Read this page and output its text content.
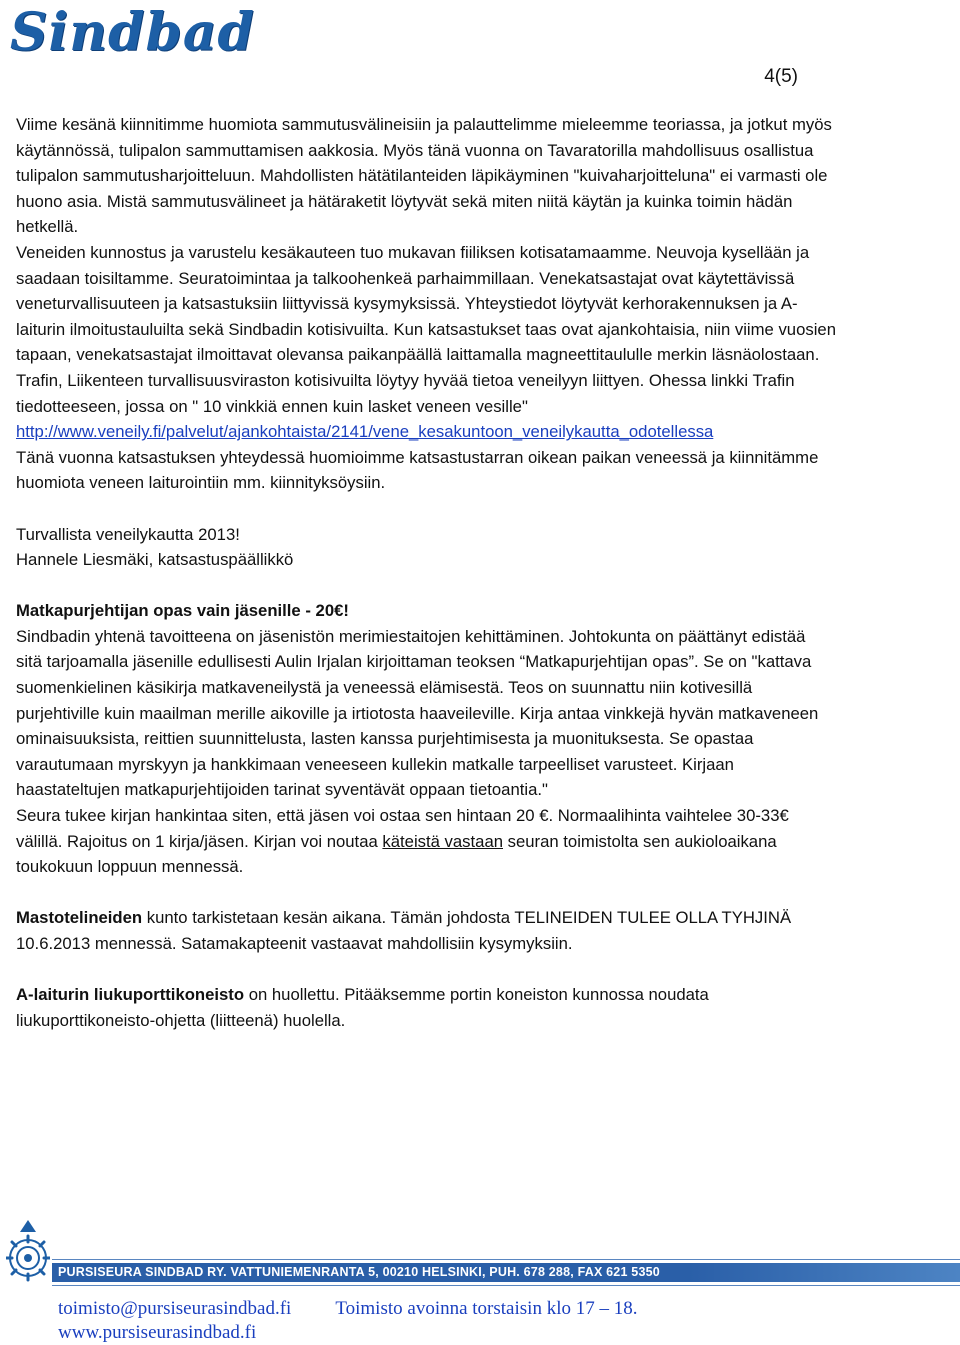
Sindbad
4(5)

Viime kesänä kiinnitimme huomiota sammutusvälineisiin ja palauttelimme mieleemme teoriassa, ja jotkut myös käytännössä, tulipalon sammuttamisen aakkosia. Myös tänä vuonna on Tavaratorilla mahdollisuus osallistua tulipalon sammutusharjoitteluun. Mahdollisten hätätilanteiden läpikäyminen "kuivaharjoitteluna" ei varmasti ole huono asia. Mistä sammutusvälineet ja hätäraketit löytyvät sekä miten niitä käytän ja kuinka toimin hädän hetkellä.

Veneiden kunnostus ja varustelu kesäkauteen tuo mukavan fiiliksen kotisatamaamme. Neuvoja kysellään ja saadaan toisiltamme. Seuratoimintaa ja talkoohenkeä parhaimmillaan. Venekatsastajat ovat käytettävissä veneturvallisuuteen ja katsastuksiin liittyvissä kysymyksissä. Yhteystiedot löytyvät kerhorakennuksen ja A-laiturin ilmoitustauluilta sekä Sindbadin kotisivuilta. Kun katsastukset taas ovat ajankohtaisia, niin viime vuosien tapaan, venekatsastajat ilmoittavat olevansa paikanpäällä laittamalla magneettitaululle merkin läsnäolostaan.

Trafin, Liikenteen turvallisuusviraston kotisivuilta löytyy hyvää tietoa veneilyyn liittyen. Ohessa linkki Trafin tiedotteeseen, jossa on " 10 vinkkiä ennen kuin lasket veneen vesille" http://www.veneily.fi/palvelut/ajankohtaista/2141/vene_kesakuntoon_veneilykautta_odotellessa

Tänä vuonna katsastuksen yhteydessä huomioimme katsastustarran oikean paikan veneessä ja kiinnitämme huomiota veneen laiturointiin mm. kiinnityksöysiin.

Turvallista veneilykautta 2013!

Hannele Liesmäki, katsastuspäällikkö

Matkapurjehtijan opas vain jäsenille - 20€!

Sindbadin yhtenä tavoitteena on jäsenistön merimiestaitojen kehittäminen. Johtokunta on päättänyt edistää sitä tarjoamalla jäsenille edullisesti Aulin Irjalan kirjoittaman teoksen “Matkapurjehtijan opas”. Se on "kattava suomenkielinen käsikirja matkaveneilystä ja veneessä elämisestä. Teos on suunnattu niin kotivesillä purjehtiville kuin maailman merille aikoville ja irtiotosta haaveileville. Kirja antaa vinkkejä hyvän matkaveneen ominaisuuksista, reittien suunnittelusta, lasten kanssa purjehtimisesta ja muonituksesta. Se opastaa varautumaan myrskyyn ja hankkimaan veneeseen kullekin matkalle tarpeelliset varusteet. Kirjaan haastateltujen matkapurjehtijoiden tarinat syventävät oppaan tietoantia."

Seura tukee kirjan hankintaa siten, että jäsen voi ostaa sen hintaan 20 €. Normaalihinta vaihtelee 30-33€ välillä. Rajoitus on 1 kirja/jäsen. Kirjan voi noutaa käteistä vastaan seuran toimistolta sen aukioloaikana toukokuun loppuun mennessä.

Mastotelineiden kunto tarkistetaan kesän aikana. Tämän johdosta TELINEIDEN TULEE OLLA TYHJINÄ 10.6.2013 mennessä. Satamakapteenit vastaavat mahdollisiin kysymyksiin.

A-laiturin liukuporttikoneisto on huollettu. Pitääksemme portin koneiston kunnossa noudata liukuporttikoneisto-ohjetta (liitteenä) huolella.

PURSISEURA SINDBAD RY. VATTUNIEMENRANTA 5, 00210 HELSINKI, PUH. 678 288, FAX 621 5350
toimisto@pursiseurasindbad.fi Toimisto avoinna torstaisin klo 17 – 18.
www.pursiseurasindbad.fi
